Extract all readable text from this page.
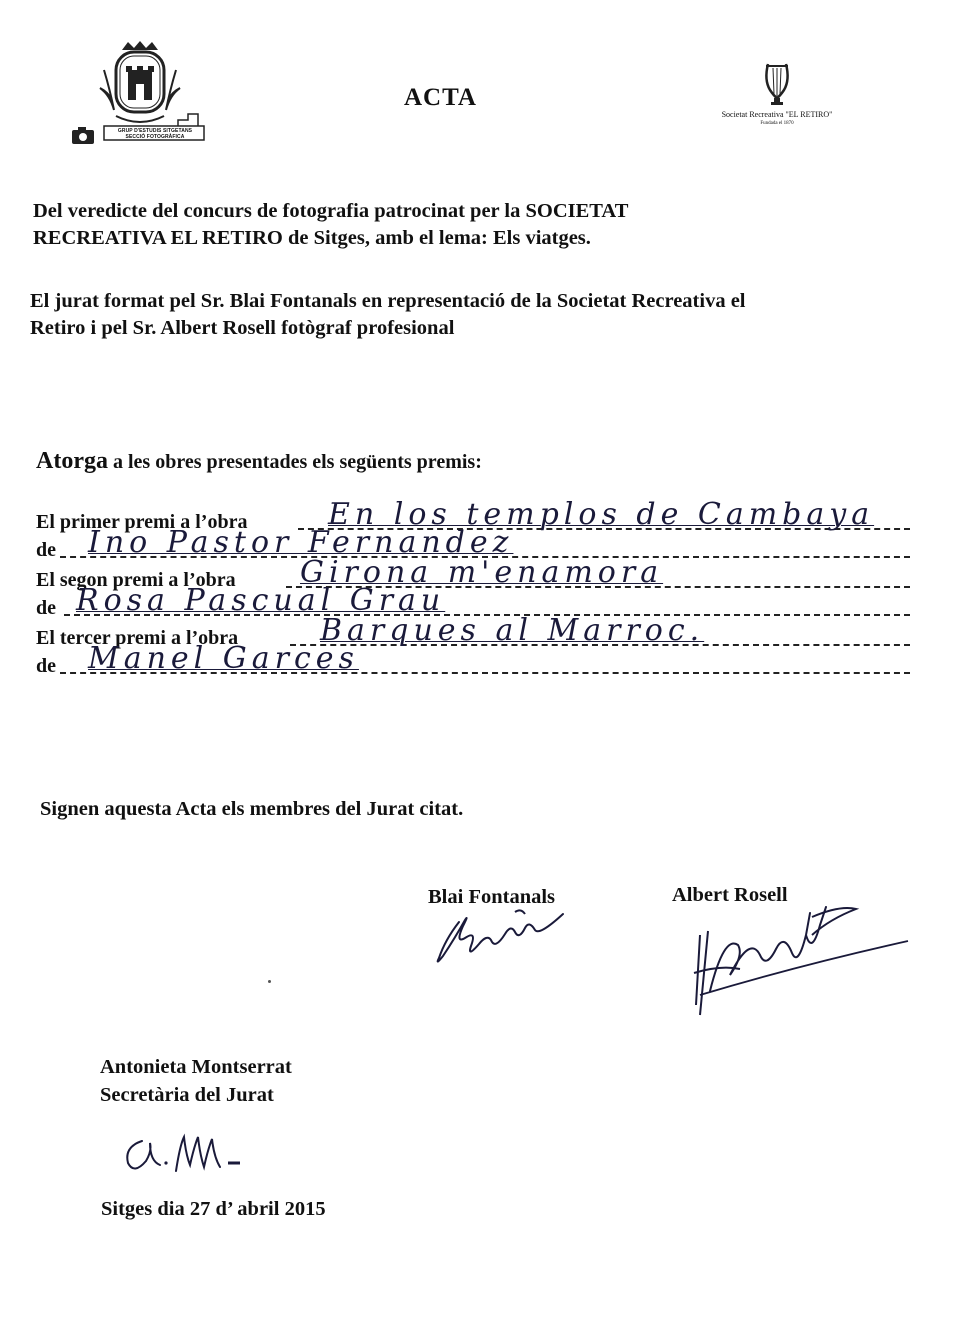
GRUP D'ESTUDIS SITGETANS
SECCIÓ FOTOGRÀFICA
ACTA
Societat Recreativa "EL RETIRO"
Fundada el 1870
Del veredicte del concurs de fotografia patrocinat per la SOCIETAT
RECREATIVA EL RETIRO de Sitges, amb el lema: Els viatges.
El jurat format pel Sr. Blai Fontanals en representació de la Societat Recreativa el
Retiro i pel Sr. Albert Rosell fotògraf profesional
Atorga a les obres presentades els següents premis:
El primer premi a l’obra	En los templos de Cambaya
de Ino Pastor Fernandez
El segon premi a l’obra Girona m'enamora
de Rosa Pascual Grau
El tercer premi a l’obra	Barques al Marroc.
de Manel Garces
Signen aquesta Acta els membres del Jurat citat.
Blai Fontanals	Albert Rosell
Antonieta Montserrat
Secretària del Jurat
Sitges dia 27 d’ abril 2015
